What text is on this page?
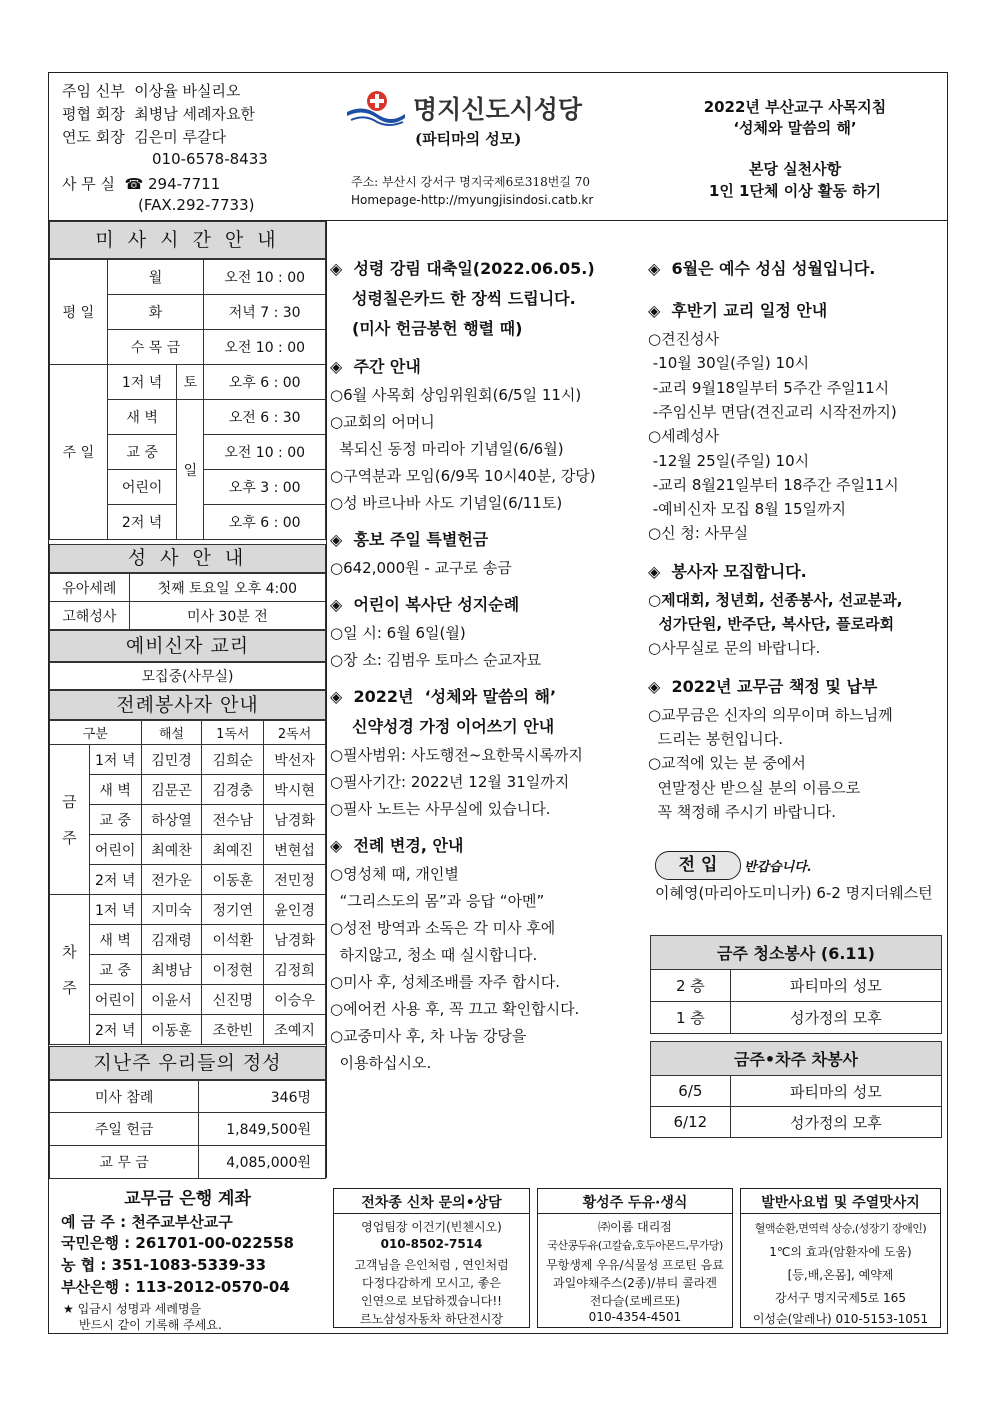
주임 신부 이상율 바실리오
평협 회장 최병남 세례자요한
연도 회장 김은미 루갈다
010-6578-8433
사 무 실 ☎ 294-7711
(FAX.292-7733)
명지신도시성당
(파티마의 성모)
주소: 부산시 강서구 명지국제6로318번길 70
Homepage-http://myungjisindosi.catb.kr
2022년 부산교구 사목지침
‘성체와 말씀의 해’
본당 실천사항
1인 1단체 이상 활동 하기
미 사 시 간 안 내
평 일	월		오전 10 : 00
	화		저녁 7 : 30
	수 목 금		오전 10 : 00
주 일	1저 녁	토	오후 6 : 00
	새 벽	일	오전 6 : 30
	교 중		오전 10 : 00
	어린이		오후 3 : 00
	2저 녁		오후 6 : 00
성 사 안 내
유아세례	첫째 토요일 오후 4:00
고해성사	미사 30분 전
예비신자 교리
모집중(사무실)
전례봉사자 안내
구분		해설	1독서	2독서
금
주	1저 녁	김민경	김희순	박선자
	새 벽	김문곤	김경충	박시현
	교 중	하상열	전수남	남경화
	어린이	최예찬	최예진	변현섭
	2저 녁	전가운	이동훈	전민정
차
주	1저 녁	지미숙	정기연	윤인경
	새 벽	김재령	이석환	남경화
	교 중	최병남	이정현	김정희
	어린이	이윤서	신진명	이승우
	2저 녁	이동훈	조한빈	조예지
지난주 우리들의 정성
미사 참례	346명
주일 헌금	1,849,500원
교 무 금	4,085,000원
교무금 은행 계좌
예 금 주 : 천주교부산교구
국민은행 : 261701-00-022558
농 협 : 351-1083-5339-33
부산은행 : 113-2012-0570-04
★ 입금시 성명과 세례명을
반드시 같이 기록해 주세요.
◈  성령 강림 대축일(2022.06.05.)
성령칠은카드 한 장씩 드립니다.
(미사 헌금봉헌 행렬 때)
◈  주간 안내
○6월 사목회 상임위원회(6/5일 11시)
○교회의 어머니
복되신 동정 마리아 기념일(6/6월)
○구역분과 모임(6/9목 10시40분, 강당)
○성 바르나바 사도 기념일(6/11토)
◈  홍보 주일 특별헌금
○642,000원 - 교구로 송금
◈  어린이 복사단 성지순례
○일 시: 6월 6일(월)
○장 소: 김범우 토마스 순교자묘
◈  2022년  ‘성체와 말씀의 해’
신약성경 가정 이어쓰기 안내
○필사범위: 사도행전~요한묵시록까지
○필사기간: 2022년 12월 31일까지
○필사 노트는 사무실에 있습니다.
◈  전례 변경, 안내
○영성체 때, 개인별
“그리스도의 몸”과 응답 “아멘”
○성전 방역과 소독은 각 미사 후에
하지않고, 청소 때 실시합니다.
○미사 후, 성체조배를 자주 합시다.
○에어컨 사용 후, 꼭 끄고 확인합시다.
○교중미사 후, 차 나눔 강당을
이용하십시오.
◈  6월은 예수 성심 성월입니다.
◈  후반기 교리 일정 안내
○견진성사
-10월 30일(주일) 10시
-교리 9월18일부터 5주간 주일11시
-주임신부 면담(견진교리 시작전까지)
○세례성사
-12월 25일(주일) 10시
-교리 8월21일부터 18주간 주일11시
-예비신자 모집 8월 15일까지
○신 청: 사무실
◈  봉사자 모집합니다.
○제대회, 청년회, 선종봉사, 선교분과,
성가단원, 반주단, 복사단, 플로라회
○사무실로 문의 바랍니다.
◈  2022년 교무금 책정 및 납부
○교무금은 신자의 의무이며 하느님께
드리는 봉헌입니다.
○교적에 있는 분 중에서
연말정산 받으실 분의 이름으로
꼭 책정해 주시기 바랍니다.
전 입	반갑습니다.
이혜영(마리아도미니카) 6-2 명지더웨스턴
금주 청소봉사 (6.11)	
2 층	파티마의 성모
1 층	성가정의 모후
금주•차주 차봉사	
6/5	파티마의 성모
6/12	성가정의 모후
전차종 신차 문의•상담
영업팀장 이건기(빈첸시오)
010-8502-7514
고객님을 은인처럼 , 연인처럼
다정다감하게 모시고, 좋은
인연으로 보답하겠습니다!!
르노삼성자동차 하단전시장
황성주 두유·생식
㈜이롬 대리점
국산콩두유(고칼슘,호두아몬드,무가당)
무항생제 우유/식물성 프로틴 음료
과일야채주스(2종)/뷰티 콜라겐
전다슬(로베르또)
010-4354-4501
발반사요법 및 주열맛사지
혈액순환,면역력 상승,(성장기 장애인)
1℃의 효과(암환자에 도움)
[등,배,온몸], 예약제
강서구 명지국제5로 165
이성순(알레나) 010-5153-1051
